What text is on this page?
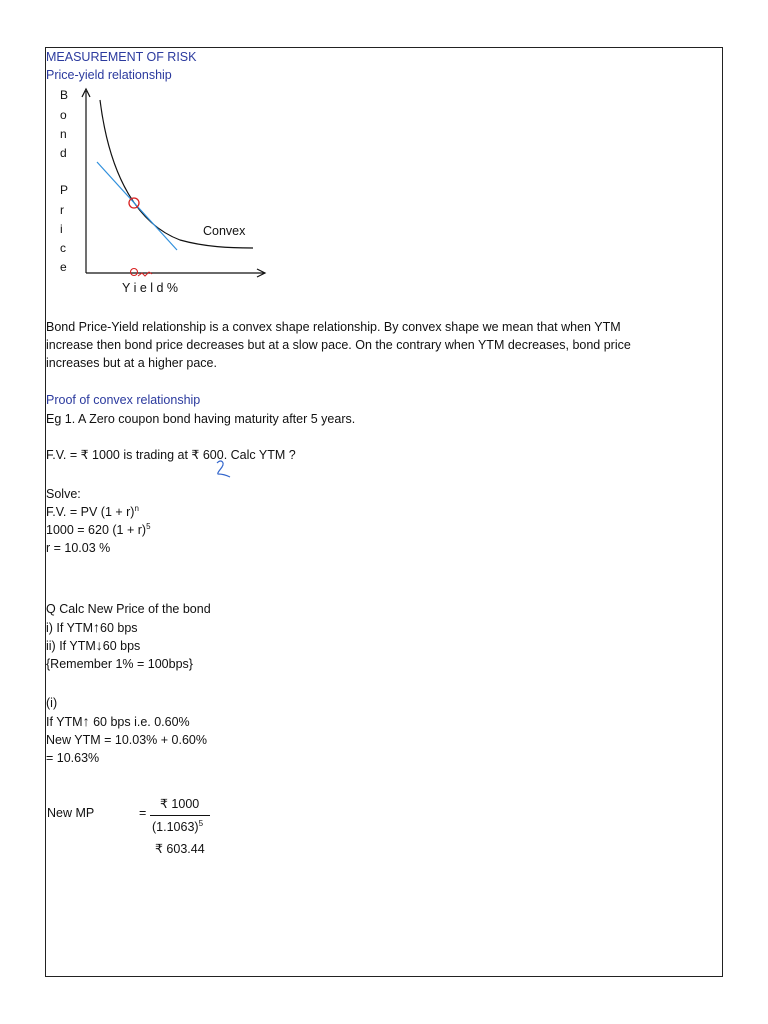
MEASUREMENT OF RISK
Price-yield relationship
B
o
n
d
P
r
i
c
e
Convex
Y i e l d %
Bond Price-Yield relationship is a convex shape relationship. By convex shape we mean that when YTM
increase then bond price decreases but at a slow pace. On the contrary when YTM decreases, bond price
increases but at a higher pace.
Proof of convex relationship
Eg 1. A Zero coupon bond having maturity after 5 years.
F.V. = ₹ 1000 is trading at ₹ 600. Calc YTM ?
Solve:
F.V. = PV $(1 + r)^n$
1000 = 620 $(1 + r)^5$
r = 10.03 %
Q Calc New Price of the bond
i) If YTM↑60 bps
ii) If YTM↓60 bps
{Remember 1% = 100bps}
(i)
If YTM↑ 60 bps i.e. 0.60%
New YTM = 10.03% + 0.60%
= 10.63%
New MP	=
₹ 1000
$(1.1063)^5$
₹ 603.44
